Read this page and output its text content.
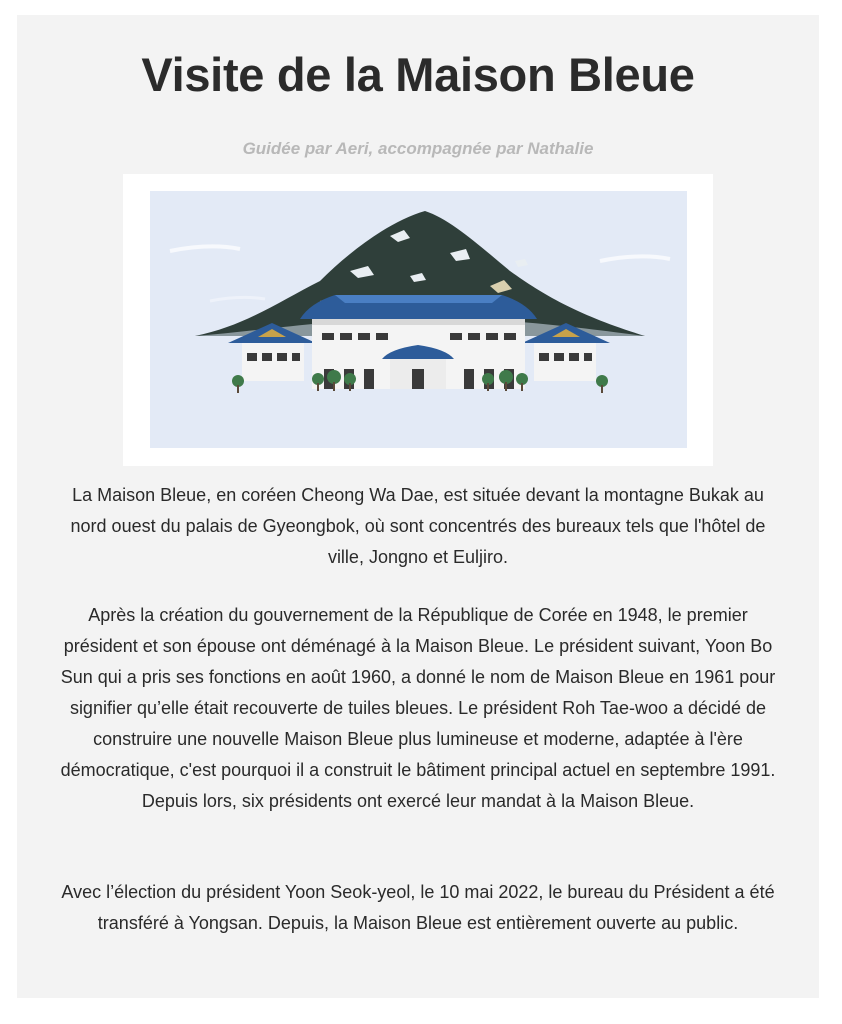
Visite de la Maison Bleue
Guidée par Aeri, accompagnée par Nathalie

La Maison Bleue, en coréen Cheong Wa Dae, est située devant la montagne Bukak au nord ouest du palais de Gyeongbok, où sont concentrés des bureaux tels que l'hôtel de ville, Jongno et Euljiro.

Après la création du gouvernement de la République de Corée en 1948, le premier président et son épouse ont déménagé à la Maison Bleue. Le président suivant, Yoon Bo Sun qui a pris ses fonctions en août 1960, a donné le nom de Maison Bleue en 1961 pour signifier qu’elle était recouverte de tuiles bleues. Le président Roh Tae-woo a décidé de construire une nouvelle Maison Bleue plus lumineuse et moderne, adaptée à l'ère démocratique, c'est pourquoi il a construit le bâtiment principal actuel en septembre 1991. Depuis lors, six présidents ont exercé leur mandat à la Maison Bleue.

Avec l’élection du président Yoon Seok-yeol, le 10 mai 2022, le bureau du Président a été transféré à Yongsan. Depuis, la Maison Bleue est entièrement ouverte au public.
